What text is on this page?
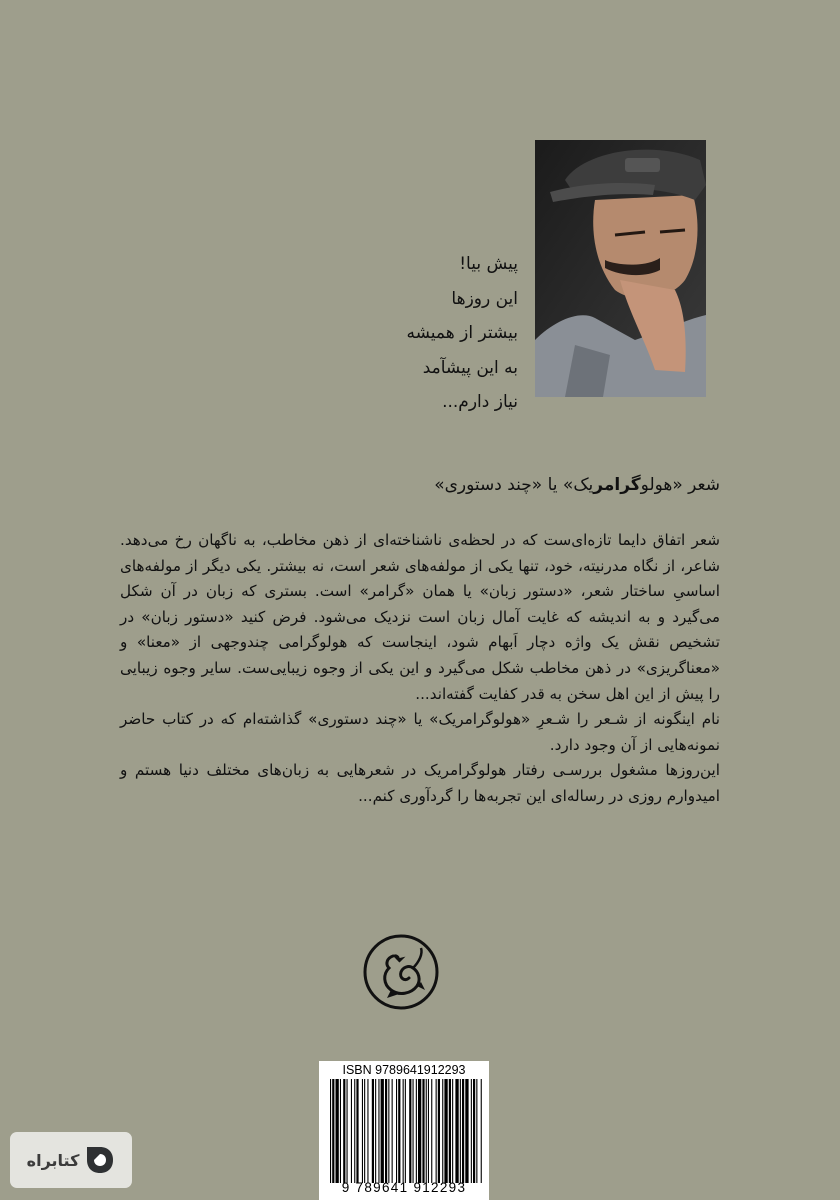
پیش بیا!
این روزها
بیشتر از همیشه
به این پیشآمد
نیاز دارم...
شعر «هولوگرامریک» یا «چند دستوری»

شعر اتفاق دایما تازه‌ای‌ست که در لحظه‌ی ناشناخته‌ای از ذهن مخاطب، به ناگهان رخ می‌دهد. شاعر، از نگاه مدرنیته، خود، تنها یکی از مولفه‌های شعر است، نه بیشتر. یکی دیگر از مولفه‌های اساسیِ ساختار شعر، «دستور زبان» یا همان «گرامر» است. بستری که زبان در آن شکل می‌گیرد و به اندیشه که غایت آمال زبان است نزدیک می‌شود. فرض کنید «دستور زبان» در تشخیص نقش یک واژه دچار اَبهام شود، اینجاست که هولوگرامی چندوجهی از «معنا» و «معناگریزی» در ذهن مخاطب شکل می‌گیرد و این یکی از وجوه زیبایی‌ست. سایر وجوه زیبایی را پیش از این اهل سخن به قدر کفایت گفته‌اند...

نام اینگونه از شـعر را شـعرِ «هولوگرامریک» یا «چند دستوری» گذاشته‌ام که در کتاب حاضر نمونه‌هایی از آن وجود دارد.

این‌روزها مشغول بررسـی رفتار هولوگرامریک در شعرهایی به زبان‌های مختلف دنیا هستم و امیدوارم روزی در رساله‌ای این تجربه‌ها را گردآوری کنم...

ISBN 9789641912293
9 789641 912293
کتابراه
